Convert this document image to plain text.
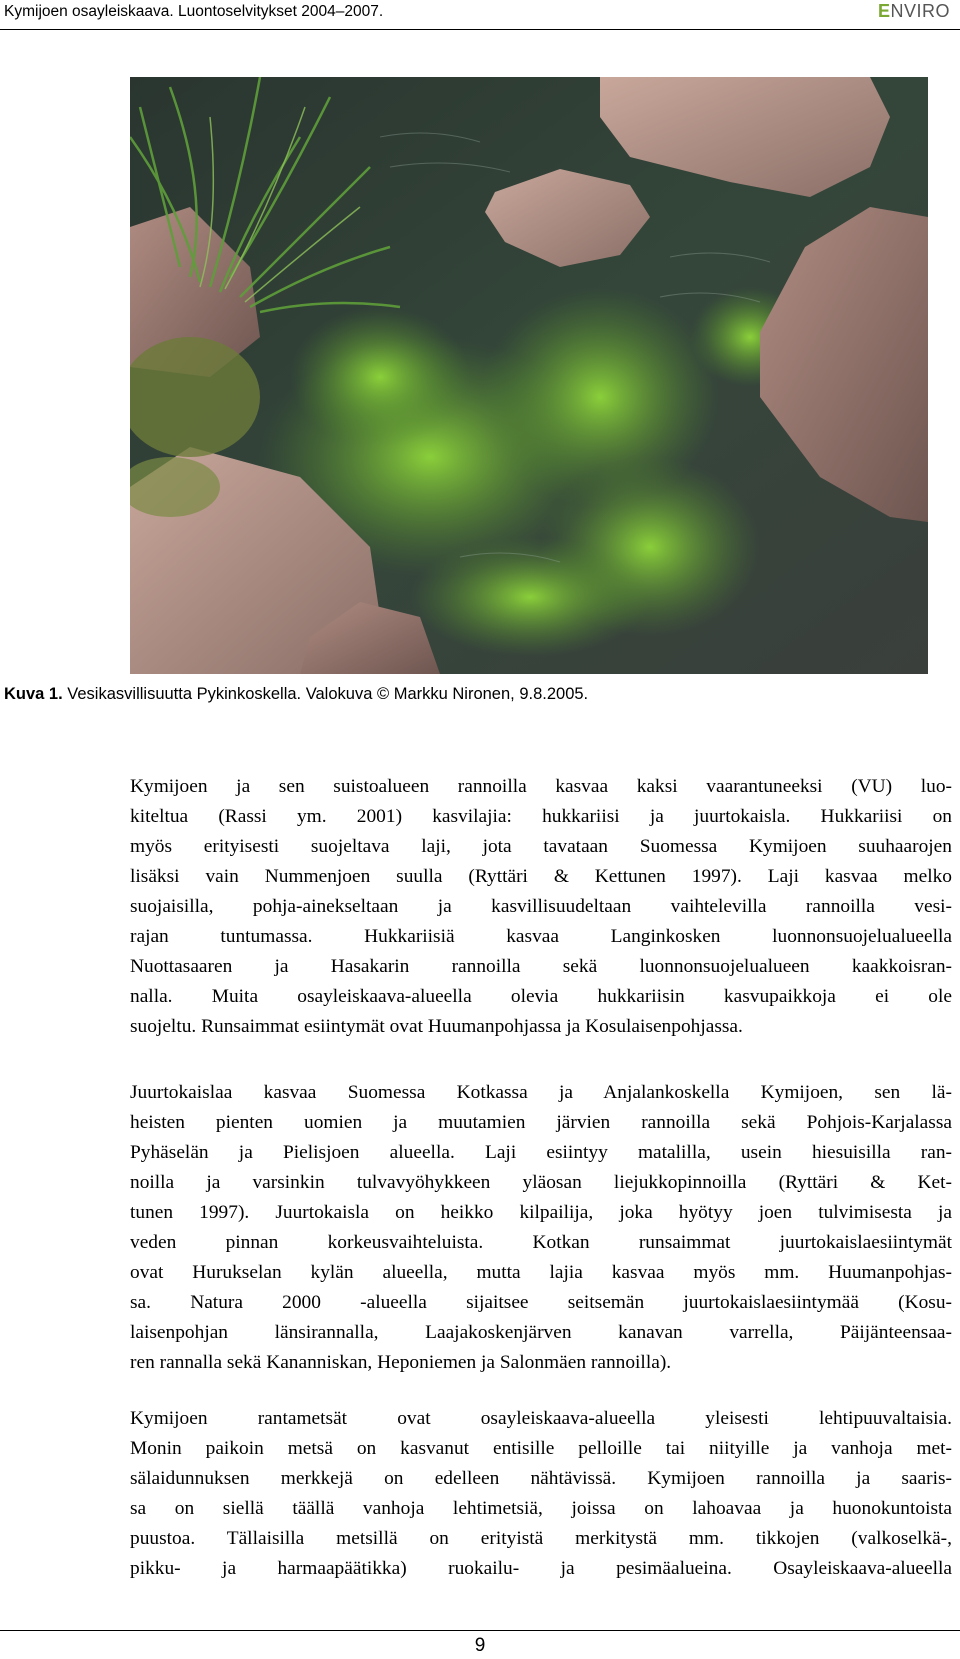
Kymijoen osayleiskaava. Luontoselvitykset 2004–2007.	ENVIRO
Kuva 1. Vesikasvillisuutta Pykinkoskella. Valokuva © Markku Nironen, 9.8.2005.
Kymijoen ja sen suistoalueen rannoilla kasvaa kaksi vaarantuneeksi (VU) luo-
kiteltua (Rassi ym. 2001) kasvilajia: hukkariisi ja juurtokaisla. Hukkariisi on
myös erityisesti suojeltava laji, jota tavataan Suomessa Kymijoen suuhaarojen
lisäksi vain Nummenjoen suulla (Ryttäri & Kettunen 1997). Laji kasvaa melko
suojaisilla, pohja-ainekseltaan ja kasvillisuudeltaan vaihtelevilla rannoilla vesi-
rajan tuntumassa. Hukkariisiä kasvaa Langinkosken luonnonsuojelualueella
Nuottasaaren ja Hasakarin rannoilla sekä luonnonsuojelualueen kaakkoisran-
nalla. Muita osayleiskaava-alueella olevia hukkariisin kasvupaikkoja ei ole
suojeltu. Runsaimmat esiintymät ovat Huumanpohjassa ja Kosulaisenpohjassa.
Juurtokaislaa kasvaa Suomessa Kotkassa ja Anjalankoskella Kymijoen, sen lä-
heisten pienten uomien ja muutamien järvien rannoilla sekä Pohjois-Karjalassa
Pyhäselän ja Pielisjoen alueella. Laji esiintyy matalilla, usein hiesuisilla ran-
noilla ja varsinkin tulvavyöhykkeen yläosan liejukkopinnoilla (Ryttäri & Ket-
tunen 1997). Juurtokaisla on heikko kilpailija, joka hyötyy joen tulvimisesta ja
veden pinnan korkeusvaihteluista. Kotkan runsaimmat juurtokaislaesiintymät
ovat Hurukselan kylän alueella, mutta lajia kasvaa myös mm. Huumanpohjas-
sa. Natura 2000 -alueella sijaitsee seitsemän juurtokaislaesiintymää (Kosu-
laisenpohjan länsirannalla, Laajakoskenjärven kanavan varrella, Päijänteensaa-
ren rannalla sekä Kananniskan, Heponiemen ja Salonmäen rannoilla).
Kymijoen rantametsät ovat osayleiskaava-alueella yleisesti lehtipuuvaltaisia.
Monin paikoin metsä on kasvanut entisille pelloille tai niityille ja vanhoja met-
sälaidunnuksen merkkejä on edelleen nähtävissä. Kymijoen rannoilla ja saaris-
sa on siellä täällä vanhoja lehtimetsiä, joissa on lahoavaa ja huonokuntoista
puustoa. Tällaisilla metsillä on erityistä merkitystä mm. tikkojen (valkoselkä-,
pikku- ja harmaapäätikka) ruokailu- ja pesimäalueina. Osayleiskaava-alueella
9
